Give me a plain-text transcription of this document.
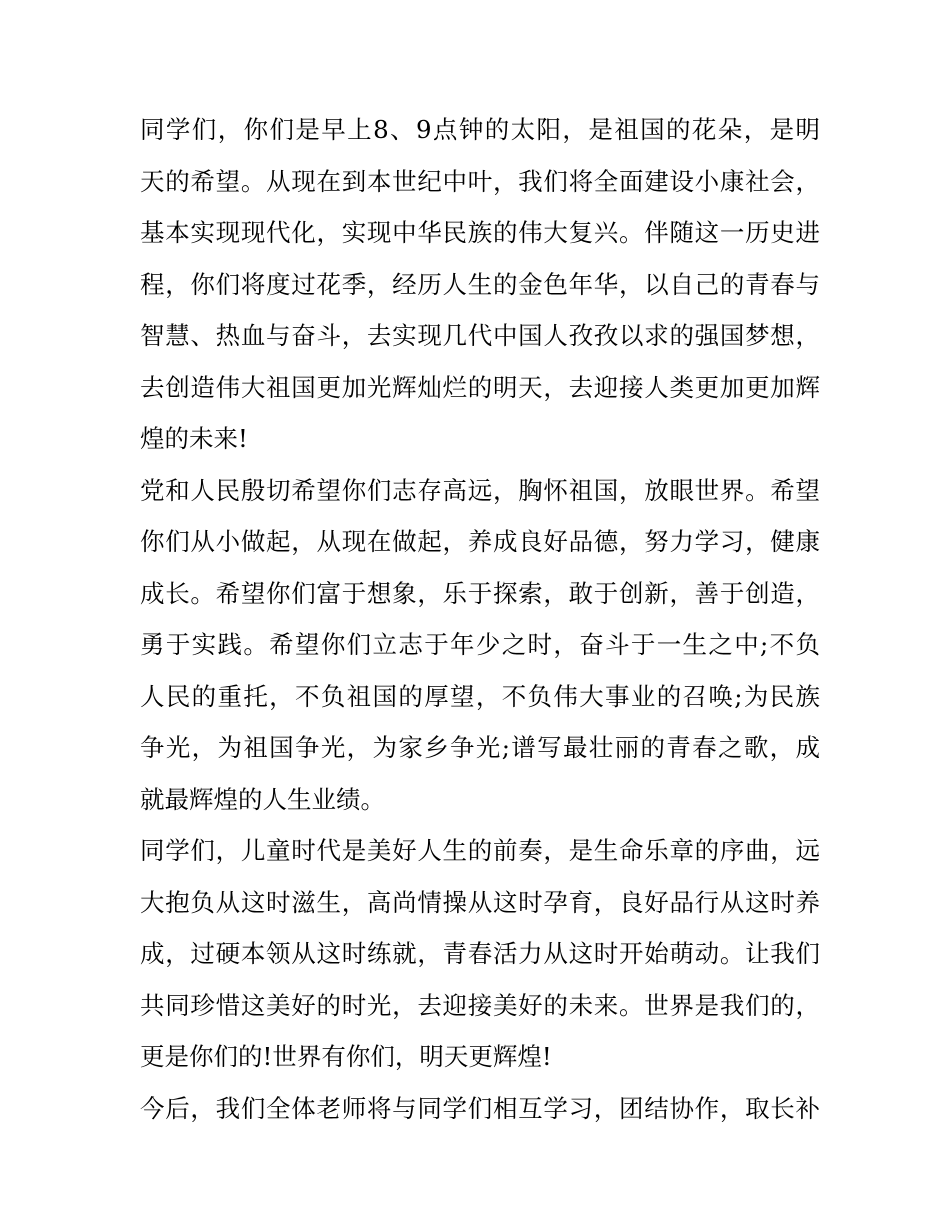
同学们，你们是早上8、9点钟的太阳，是祖国的花朵，是明
天的希望。从现在到本世纪中叶，我们将全面建设小康社会，
基本实现现代化，实现中华民族的伟大复兴。伴随这一历史进
程，你们将度过花季，经历人生的金色年华，以自己的青春与
智慧、热血与奋斗，去实现几代中国人孜孜以求的强国梦想，
去创造伟大祖国更加光辉灿烂的明天，去迎接人类更加更加辉
煌的未来!
党和人民殷切希望你们志存高远，胸怀祖国，放眼世界。希望
你们从小做起，从现在做起，养成良好品德，努力学习，健康
成长。希望你们富于想象，乐于探索，敢于创新，善于创造，
勇于实践。希望你们立志于年少之时，奋斗于一生之中;不负
人民的重托，不负祖国的厚望，不负伟大事业的召唤;为民族
争光，为祖国争光，为家乡争光;谱写最壮丽的青春之歌，成
就最辉煌的人生业绩。
同学们，儿童时代是美好人生的前奏，是生命乐章的序曲，远
大抱负从这时滋生，高尚情操从这时孕育，良好品行从这时养
成，过硬本领从这时练就，青春活力从这时开始萌动。让我们
共同珍惜这美好的时光，去迎接美好的未来。世界是我们的，
更是你们的!世界有你们，明天更辉煌!
今后，我们全体老师将与同学们相互学习，团结协作，取长补
